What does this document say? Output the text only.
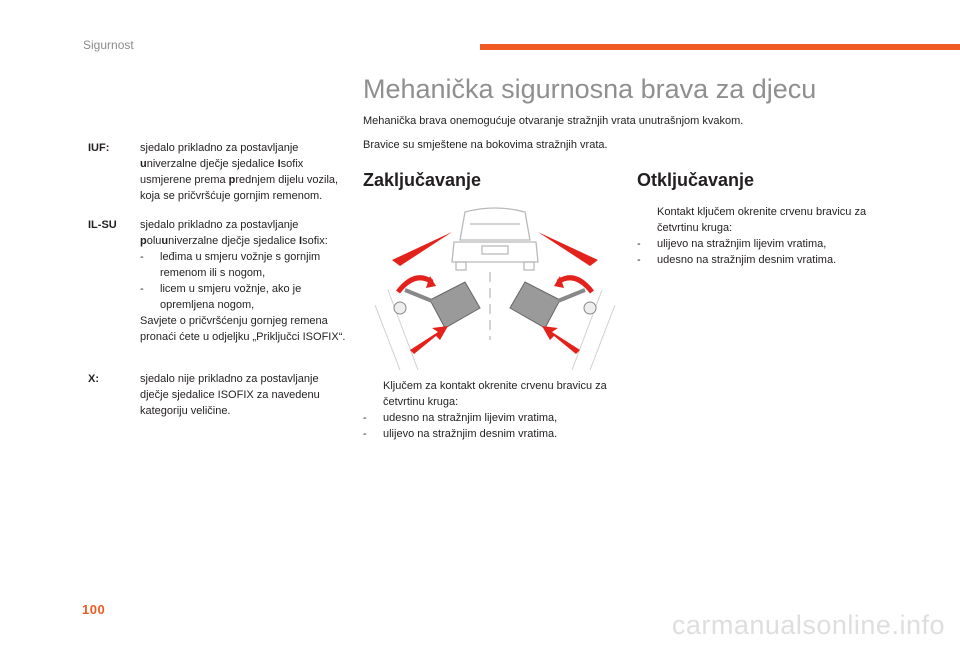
Sigurnost
IUF:	sjedalo prikladno za postavljanje univerzalne dječje sjedalice Isofix usmjerene prema prednjem dijelu vozila, koja se pričvršćuje gornjim remenom.
IL-SU	sjedalo prikladno za postavljanje poluuniverzalne dječje sjedalice Isofix:
-	leđima u smjeru vožnje s gornjim remenom ili s nogom,
-	licem u smjeru vožnje, ako je opremljena nogom,
Savjete o pričvršćenju gornjeg remena pronaći ćete u odjeljku „Priključci ISOFIX“.
X:	sjedalo nije prikladno za postavljanje dječje sjedalice ISOFIX za navedenu kategoriju veličine.
Mehanička sigurnosna brava za djecu
Mehanička brava onemogućuje otvaranje stražnjih vrata unutrašnjom kvakom.
Bravice su smještene na bokovima stražnjih vrata.
Zaključavanje	Otključavanje
Ključem za kontakt okrenite crvenu bravicu za četvrtinu kruga:
-	udesno na stražnjim lijevim vratima,
-	ulijevo na stražnjim desnim vratima.
Kontakt ključem okrenite crvenu bravicu za četvrtinu kruga:
-	ulijevo na stražnjim lijevim vratima,
-	udesno na stražnjim desnim vratima.
100
carmanualsonline.info
